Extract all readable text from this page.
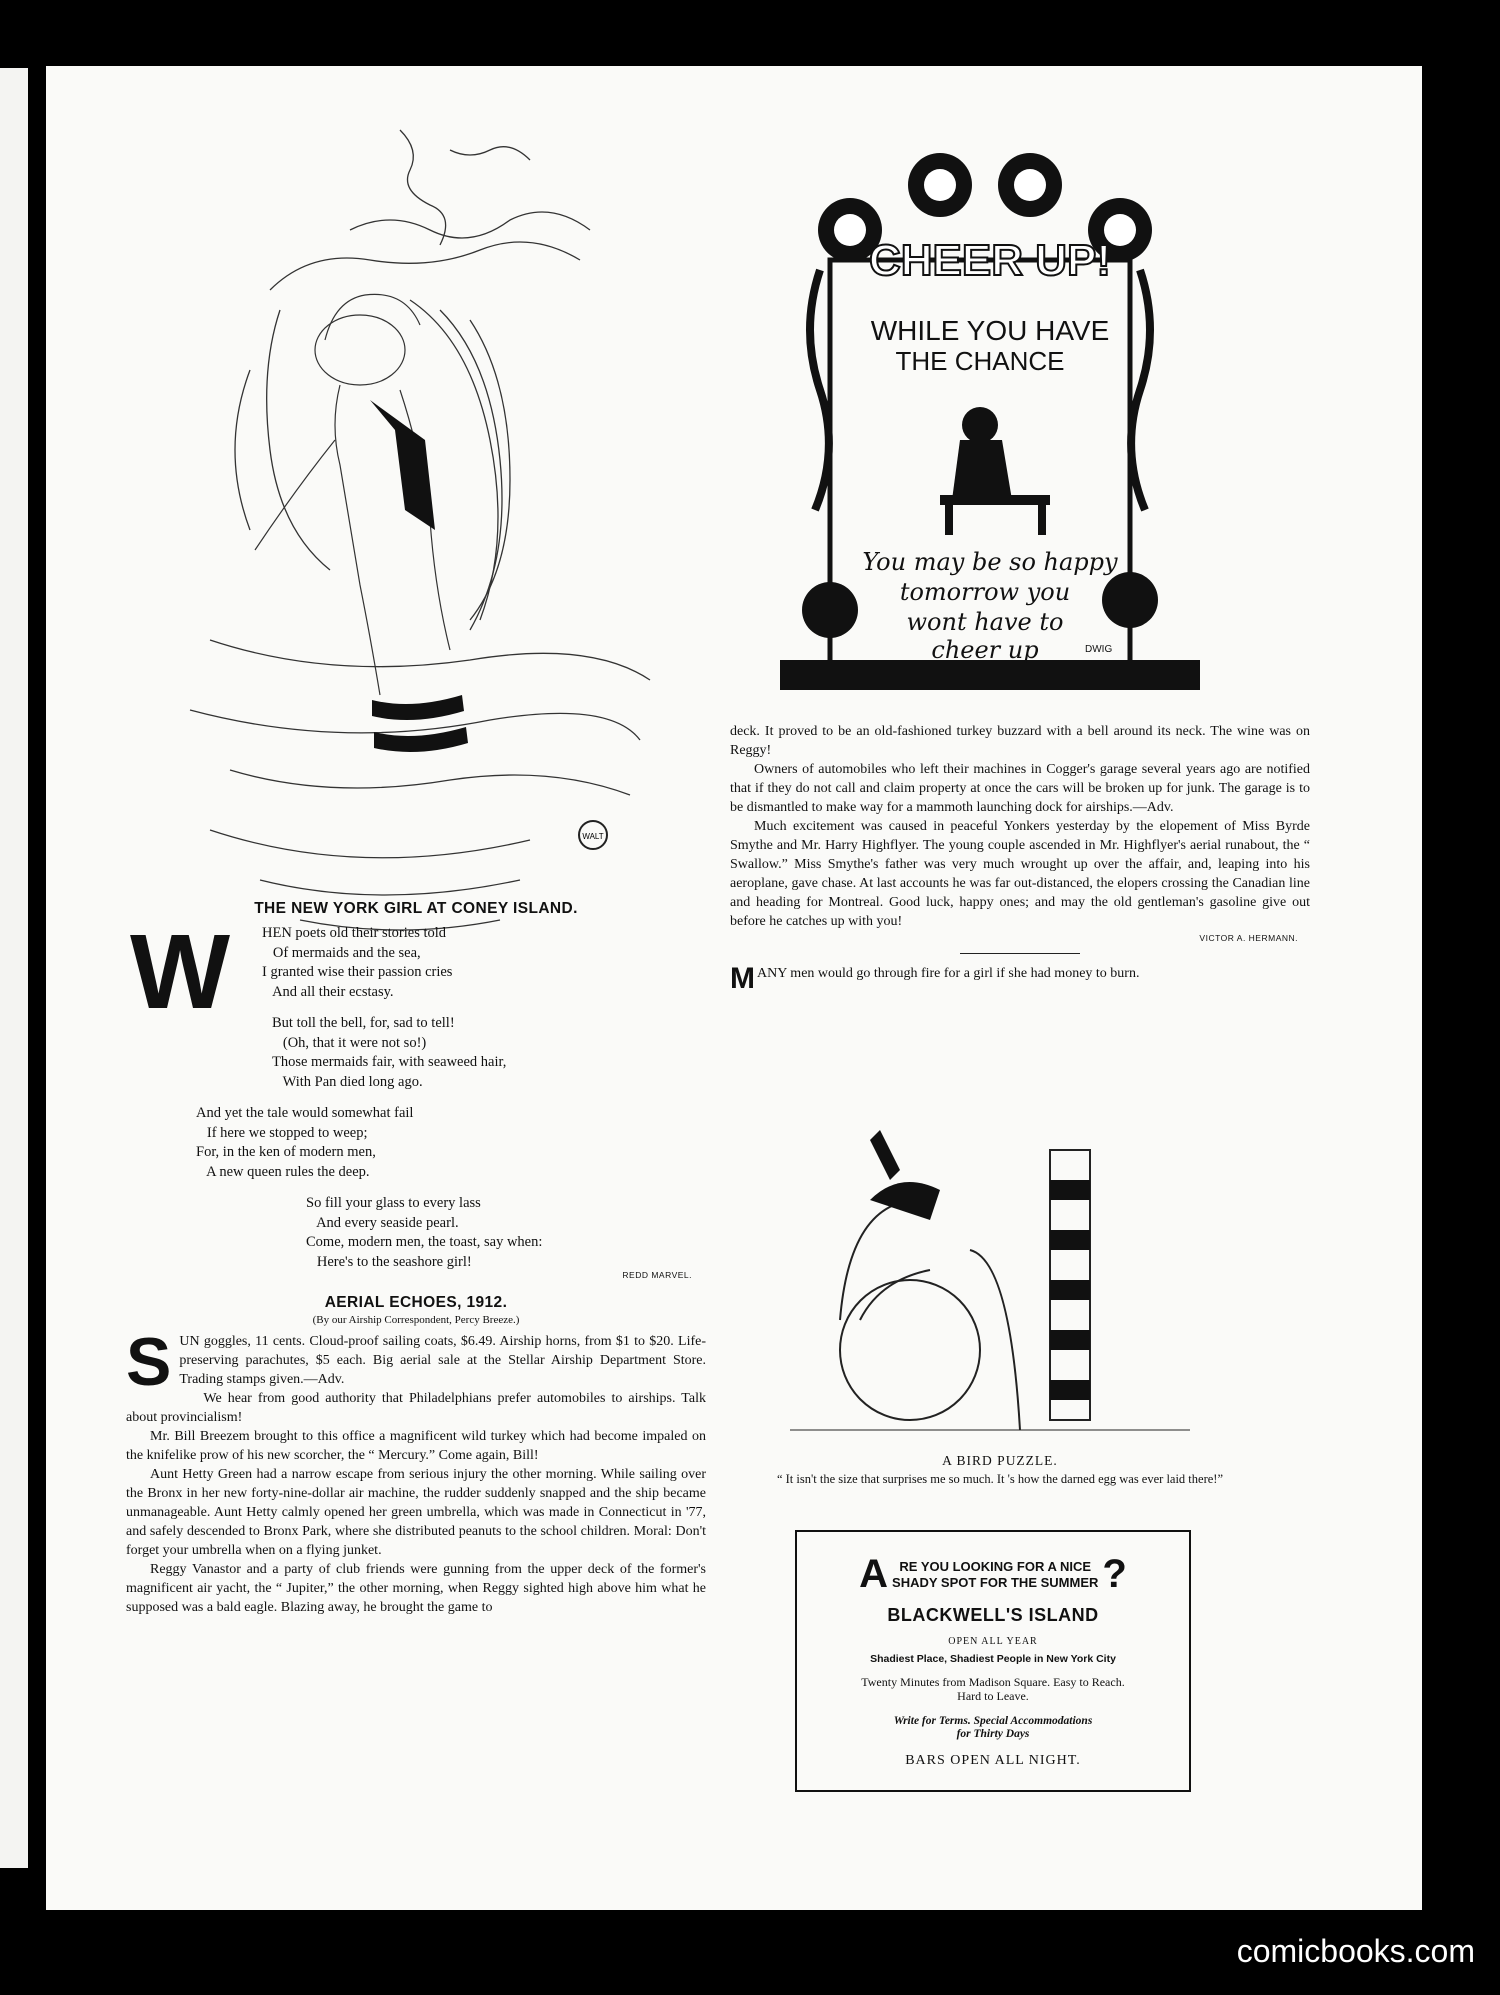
WALT
THE NEW YORK GIRL AT CONEY ISLAND.
W HEN poets old their stories told
Of mermaids and the sea,
I granted wise their passion cries
And all their ecstasy.
But toll the bell, for, sad to tell!
(Oh, that it were not so!)
Those mermaids fair, with seaweed hair,
With Pan died long ago.
And yet the tale would somewhat fail
If here we stopped to weep;
For, in the ken of modern men,
A new queen rules the deep.
So fill your glass to every lass
And every seaside pearl.
Come, modern men, the toast, say when:
Here's to the seashore girl!
REDD MARVEL.
AERIAL ECHOES, 1912.
(By our Airship Correspondent, Percy Breeze.)

SUN goggles, 11 cents. Cloud-proof sailing coats, $6.49. Airship horns, from $1 to $20. Life-preserving parachutes, $5 each. Big aerial sale at the Stellar Airship Department Store. Trading stamps given.—Adv.

We hear from good authority that Philadelphians prefer automobiles to airships. Talk about provincialism!

Mr. Bill Breezem brought to this office a magnificent wild turkey which had become impaled on the knifelike prow of his new scorcher, the “ Mercury.” Come again, Bill!

Aunt Hetty Green had a narrow escape from serious injury the other morning. While sailing over the Bronx in her new forty-nine-dollar air machine, the rudder suddenly snapped and the ship became unmanageable. Aunt Hetty calmly opened her green umbrella, which was made in Connecticut in '77, and safely descended to Bronx Park, where she distributed peanuts to the school children. Moral: Don't forget your umbrella when on a flying junket.

Reggy Vanastor and a party of club friends were gunning from the upper deck of the former's magnificent air yacht, the “ Jupiter,” the other morning, when Reggy sighted high above him what he supposed was a bald eagle. Blazing away, he brought the game to

CHEER UP!
WHILE YOU HAVE
THE CHANCE
You may be so happy
tomorrow you
wont have to
cheer up	DWIG

deck. It proved to be an old-fashioned turkey buzzard with a bell around its neck. The wine was on Reggy!

Owners of automobiles who left their machines in Cogger's garage several years ago are notified that if they do not call and claim property at once the cars will be broken up for junk. The garage is to be dismantled to make way for a mammoth launching dock for airships.—Adv.

Much excitement was caused in peaceful Yonkers yesterday by the elopement of Miss Byrde Smythe and Mr. Harry Highflyer. The young couple ascended in Mr. Highflyer's aerial runabout, the “ Swallow.” Miss Smythe's father was very much wrought up over the affair, and, leaping into his aeroplane, gave chase. At last accounts he was far out-distanced, the elopers crossing the Canadian line and heading for Montreal. Good luck, happy ones; and may the old gentleman's gasoline give out before he catches up with you!

VICTOR A. HERMANN.

MANY men would go through fire for a girl if she had money to burn.

A BIRD PUZZLE.
“ It isn't the size that surprises me so much. It 's how the darned egg was ever laid there!”
A RE YOU LOOKING FOR A NICE
SHADY SPOT FOR THE SUMMER ?
BLACKWELL'S ISLAND
OPEN ALL YEAR
Shadiest Place, Shadiest People in New York City
Twenty Minutes from Madison Square. Easy to Reach.
Hard to Leave.
Write for Terms. Special Accommodations
for Thirty Days
BARS OPEN ALL NIGHT.
comicbooks.com
